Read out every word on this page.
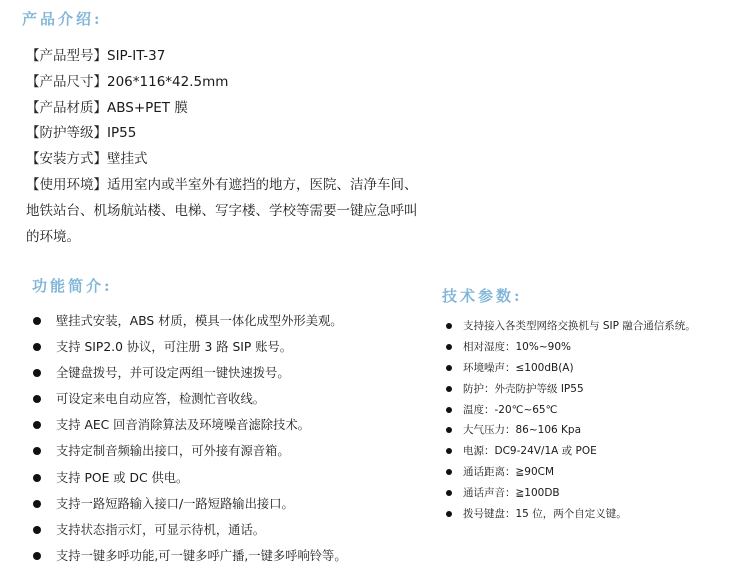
产品介绍:
【产品型号】SIP-IT-37
【产品尺寸】206*116*42.5mm
【产品材质】ABS+PET 膜
【防护等级】IP55
【安装方式】壁挂式
【使用环境】适用室内或半室外有遮挡的地方，医院、洁净车间、
地铁站台、机场航站楼、电梯、写字楼、学校等需要一键应急呼叫
的环境。
功能简介:
壁挂式安装，ABS 材质，模具一体化成型外形美观。
支持 SIP2.0 协议，可注册 3 路 SIP 账号。
全键盘拨号，并可设定两组一键快速拨号。
可设定来电自动应答，检测忙音收线。
支持 AEC 回音消除算法及环境噪音滤除技术。
支持定制音频输出接口，可外接有源音箱。
支持 POE 或 DC 供电。
支持一路短路输入接口/一路短路输出接口。
支持状态指示灯，可显示待机，通话。
支持一键多呼功能,可一键多呼广播,一键多呼响铃等。
技术参数:
支持接入各类型网络交换机与 SIP 融合通信系统。
相对湿度：10%~90%
环境噪声：≤100dB(A)
防护：外壳防护等级 IP55
温度：-20℃~65℃
大气压力：86~106 Kpa
电源：DC9-24V/1A 或 POE
通话距离：≧90CM
通话声音：≧100DB
拨号键盘：15 位，两个自定义键。
